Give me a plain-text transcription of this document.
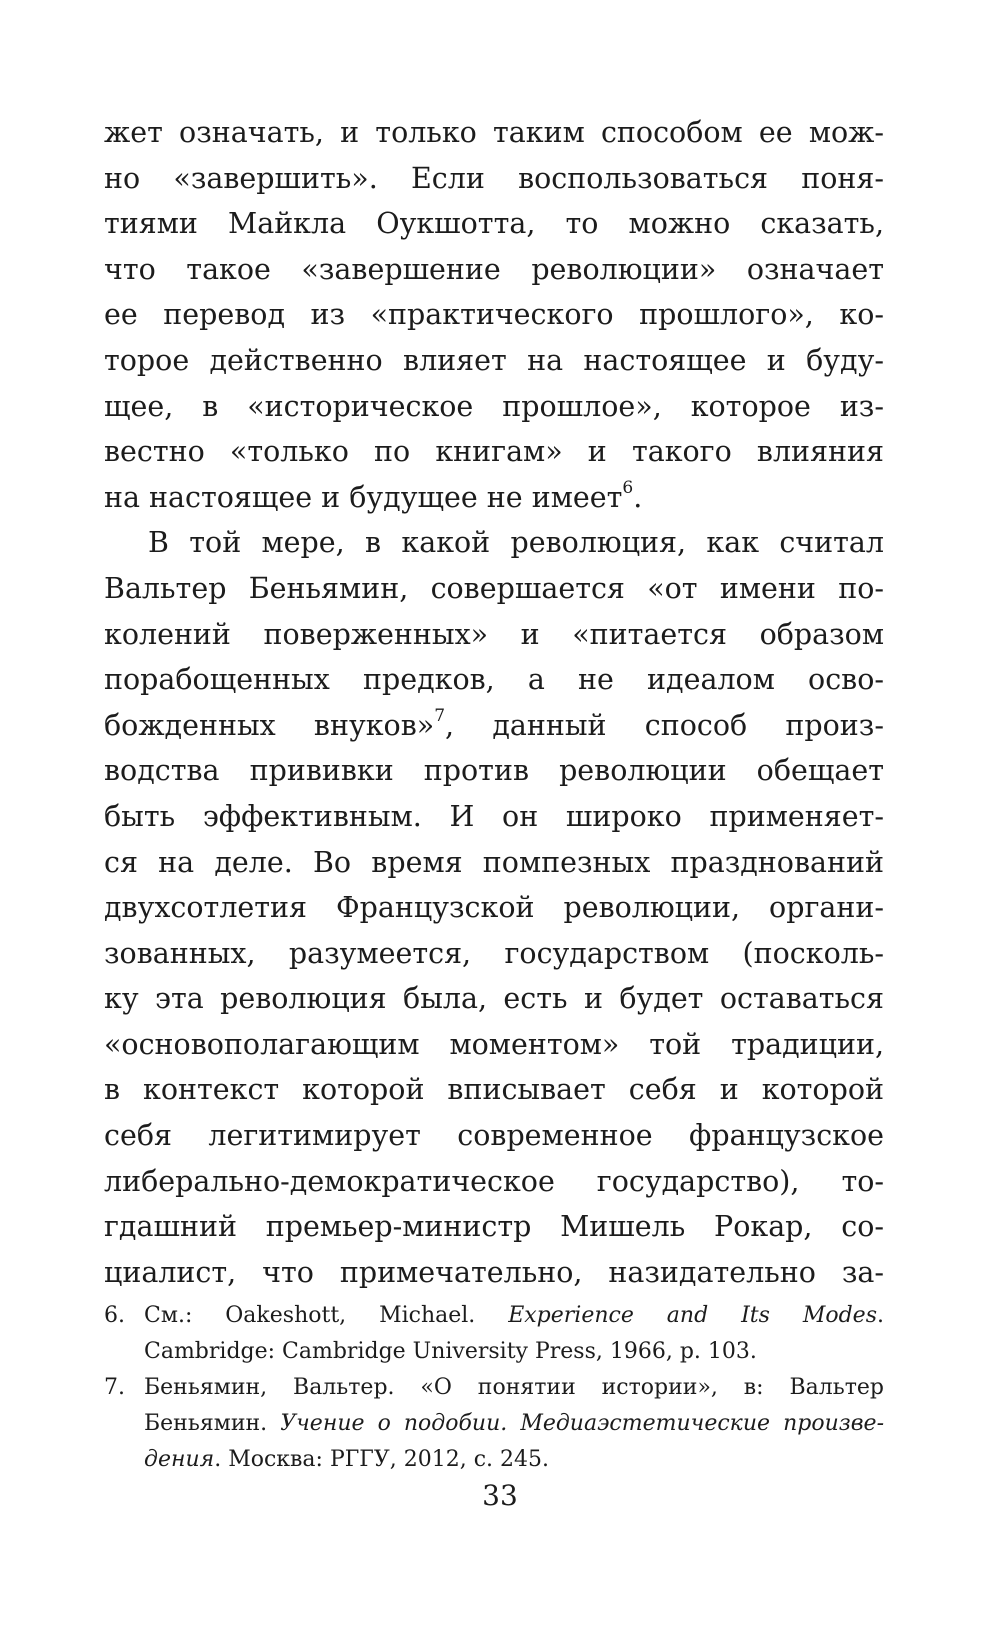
жет означать, и только таким способом ее мож-
но «завершить». Если воспользоваться поня-
тиями Майкла Оукшотта, то можно сказать,
что такое «завершение революции» означает
ее перевод из «практического прошлого», ко-
торое действенно влияет на настоящее и буду-
щее, в «историческое прошлое», которое из-
вестно «только по книгам» и такого влияния
на настоящее и будущее не имеет$^6$.
В той мере, в какой революция, как считал
Вальтер Беньямин, совершается «от имени по-
колений поверженных» и «питается образом
порабощенных предков, а не идеалом осво-
божденных внуков»$^7$, данный способ произ-
водства прививки против революции обещает
быть эффективным. И он широко применяет-
ся на деле. Во время помпезных празднований
двухсотлетия Французской революции, органи-
зованных, разумеется, государством (посколь-
ку эта революция была, есть и будет оставаться
«основополагающим моментом» той традиции,
в контекст которой вписывает себя и которой
себя легитимирует современное французское
либерально-демократическое государство), то-
гдашний премьер-министр Мишель Рокар, со-
циалист, что примечательно, назидательно за-
6. См.: Oakeshott, Michael. Experience and Its Modes.
Cambridge: Cambridge University Press, 1966, p. 103.
7. Беньямин, Вальтер. «О понятии истории», в: Вальтер
Беньямин. Учение о подобии. Медиаэстетические произве-
дения. Москва: РГГУ, 2012, с. 245.
33
